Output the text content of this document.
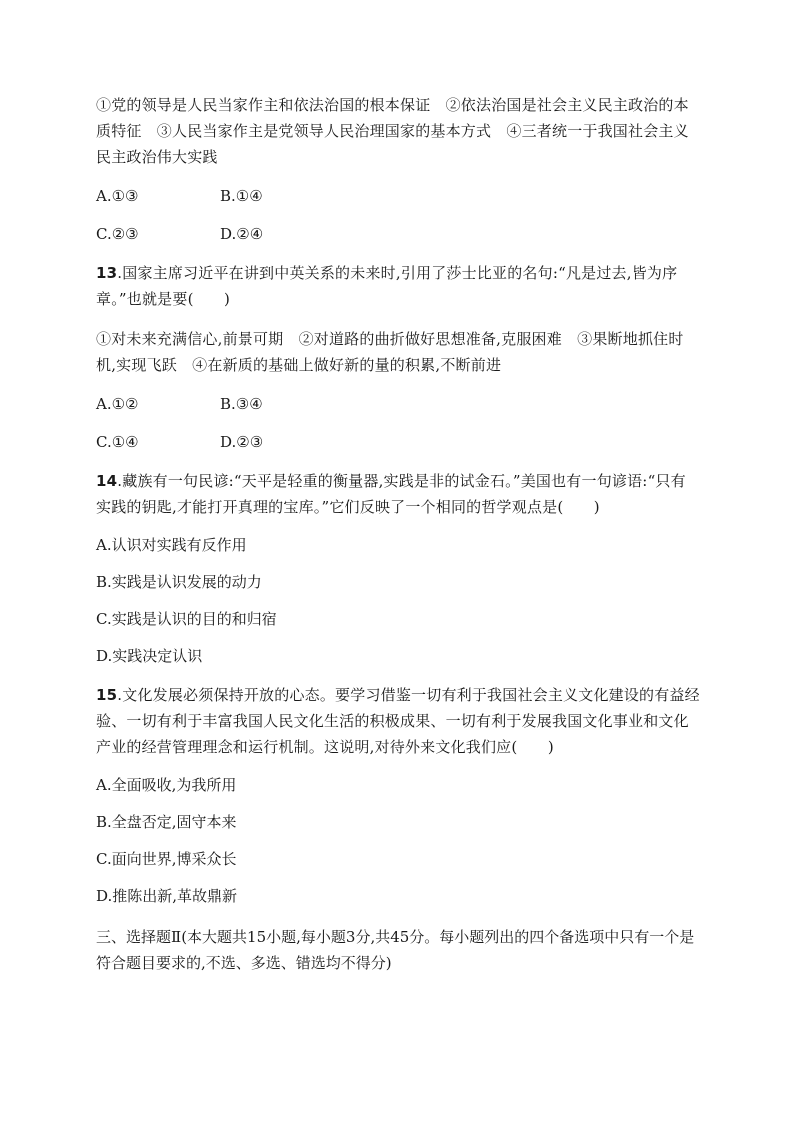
①党的领导是人民当家作主和依法治国的根本保证　②依法治国是社会主义民主政治的本质特征　③人民当家作主是党领导人民治理国家的基本方式　④三者统一于我国社会主义民主政治伟大实践

A.①③	B.①④
C.②③	D.②④

13.国家主席习近平在讲到中英关系的未来时,引用了莎士比亚的名句:“凡是过去,皆为序章。”也就是要(　　)

①对未来充满信心,前景可期　②对道路的曲折做好思想准备,克服困难　③果断地抓住时机,实现飞跃　④在新质的基础上做好新的量的积累,不断前进

A.①②	B.③④
C.①④	D.②③

14.藏族有一句民谚:“天平是轻重的衡量器,实践是非的试金石。”美国也有一句谚语:“只有实践的钥匙,才能打开真理的宝库。”它们反映了一个相同的哲学观点是(　　)

A.认识对实践有反作用

B.实践是认识发展的动力

C.实践是认识的目的和归宿

D.实践决定认识

15.文化发展必须保持开放的心态。要学习借鉴一切有利于我国社会主义文化建设的有益经验、一切有利于丰富我国人民文化生活的积极成果、一切有利于发展我国文化事业和文化产业的经营管理理念和运行机制。这说明,对待外来文化我们应(　　)

A.全面吸收,为我所用

B.全盘否定,固守本来

C.面向世界,博采众长

D.推陈出新,革故鼎新

三、选择题Ⅱ(本大题共15小题,每小题3分,共45分。每小题列出的四个备选项中只有一个是符合题目要求的,不选、多选、错选均不得分)
